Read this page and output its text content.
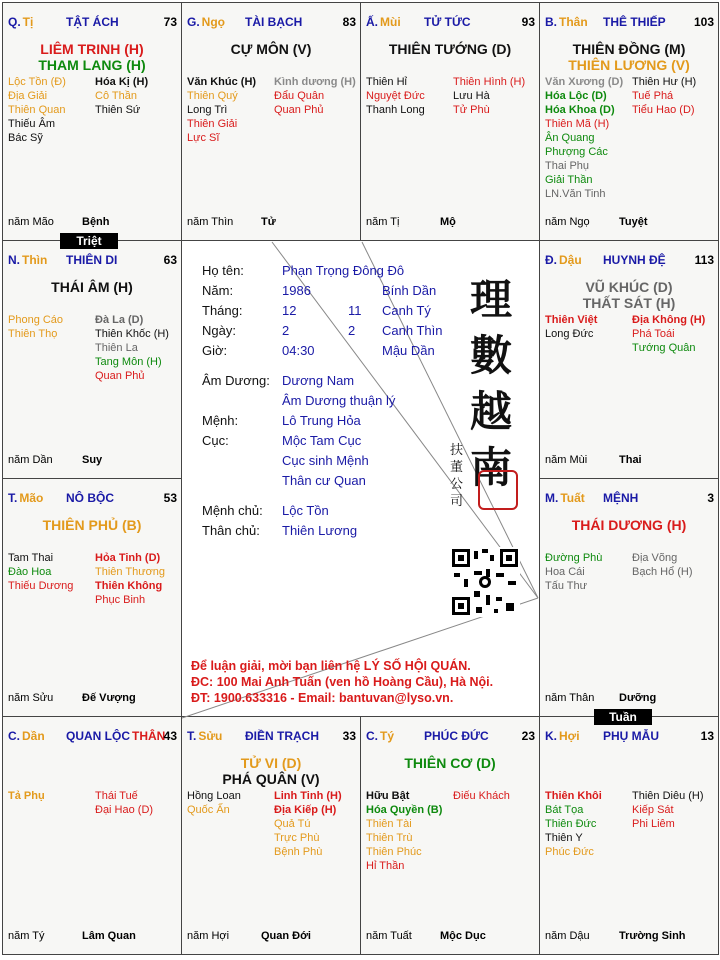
K. Hợi PHỤ MẪU	13
Thiên Khôi
Bát Tọa
Thiên Đức
Thiên Y
Phúc Đức
Thiên Diêu (H)
Kiếp Sát
Phi Liêm
năm Dậu	Trường Sinh
C. Tý PHÚC ĐỨC	23
THIÊN CƠ (D)
Hữu Bật
Hóa Quyền (B)
Thiên Tài
Thiên Trù
Thiên Phúc
Hỉ Thần
Điếu Khách
năm Tuất	Mộc Dục
T. Sửu ĐIỀN TRẠCH 33
TỬ VI (D)
PHÁ QUÂN (V)
Hồng Loan
Quốc Ấn
Linh Tinh (H)
Địa Kiếp (H)
Quả Tú
Trực Phù
Bệnh Phù
năm Hợi	Quan Đới
C. Dần QUAN LỘC THÂN
43
Tả Phụ	Thái Tuế
Đại Hao (D)
năm Tý	Lâm Quan
M. Tuất MỆNH	3
THÁI DƯƠNG (H)
Đường Phù
Hoa Cái
Tấu Thư
Địa Võng
Bạch Hổ (H)
năm Thân Dưỡng
T. Mão NÔ BỘC	53
THIÊN PHỦ (B)
Tam Thai
Đào Hoa
Thiếu Dương
Hỏa Tinh (D)
Thiên Thương
Thiên Không
Phục Binh
năm Sửu	Đế Vượng
Đ. Dậu HUYNH ĐỆ 113
VŨ KHÚC (D)
THẤT SÁT (H)
Thiên Việt
Long Đức
Địa Không (H)
Phá Toái
Tướng Quân
năm Mùi	Thai
N. Thìn THIÊN DI	63
THÁI ÂM (H)
Phong Cáo
Thiên Thọ
Đà La (D)
Thiên Khốc (H)
Thiên La
Tang Môn (H)
Quan Phủ
năm Dần	Suy
B. Thân THÊ THIẾP 103
THIÊN ĐỒNG (M)
THIÊN LƯƠNG (V)
Văn Xương (D)
Hóa Lộc (D)
Hóa Khoa (D)
Thiên Mã (H)
Ân Quang
Phượng Các
Thai Phụ
Giải Thần
LN.Văn Tinh
Thiên Hư (H)
Tuế Phá
Tiểu Hao (D)
năm Ngọ	Tuyệt
Ấ. Mùi TỬ TỨC	93
THIÊN TƯỚNG (D)
Thiên Hỉ
Nguyệt Đức
Thanh Long
Thiên Hình (H)
Lưu Hà
Tử Phù
năm Tị	Mộ
G. Ngọ TÀI BẠCH	83
CỰ MÔN (V)
Văn Khúc (H)
Thiên Quý
Long Trì
Thiên Giải
Lực Sĩ
Kình dương (H)
Đẩu Quân
Quan Phủ
năm Thìn	Tử
Q. Tị	TẬT ÁCH	73
LIÊM TRINH (H)
THAM LANG (H)
Lộc Tồn (Đ)
Địa Giải
Thiên Quan
Thiếu Âm
Bác Sỹ
Hóa Kị (H)
Cô Thần
Thiên Sứ
năm Mão	Bệnh
Họ tên:	Phạn Trọng Đông Đô
Năm:	1986	Bính Dần
Tháng:	12	11 Canh Tý
Ngày:	2	2 Canh Thìn
Giờ:	04:30	Mậu Dần
Âm Dương: Dương Nam
Âm Dương thuận lý
Mệnh:	Lô Trung Hỏa
Cục:	Mộc Tam Cục
Cục sinh Mệnh
Thân cư Quan
Mệnh chủ: Lộc Tồn
Thân chủ: Thiên Lương
理數越南
扶董公司
Để luận giải, mời bạn liên hệ LÝ SỐ HỘI QUÁN.
ĐC: 100 Mai Anh Tuấn (ven hồ Hoàng Cầu), Hà Nội.
ĐT: 1900.633316 - Email: bantuvan@lyso.vn.
Triệt
Tuần
